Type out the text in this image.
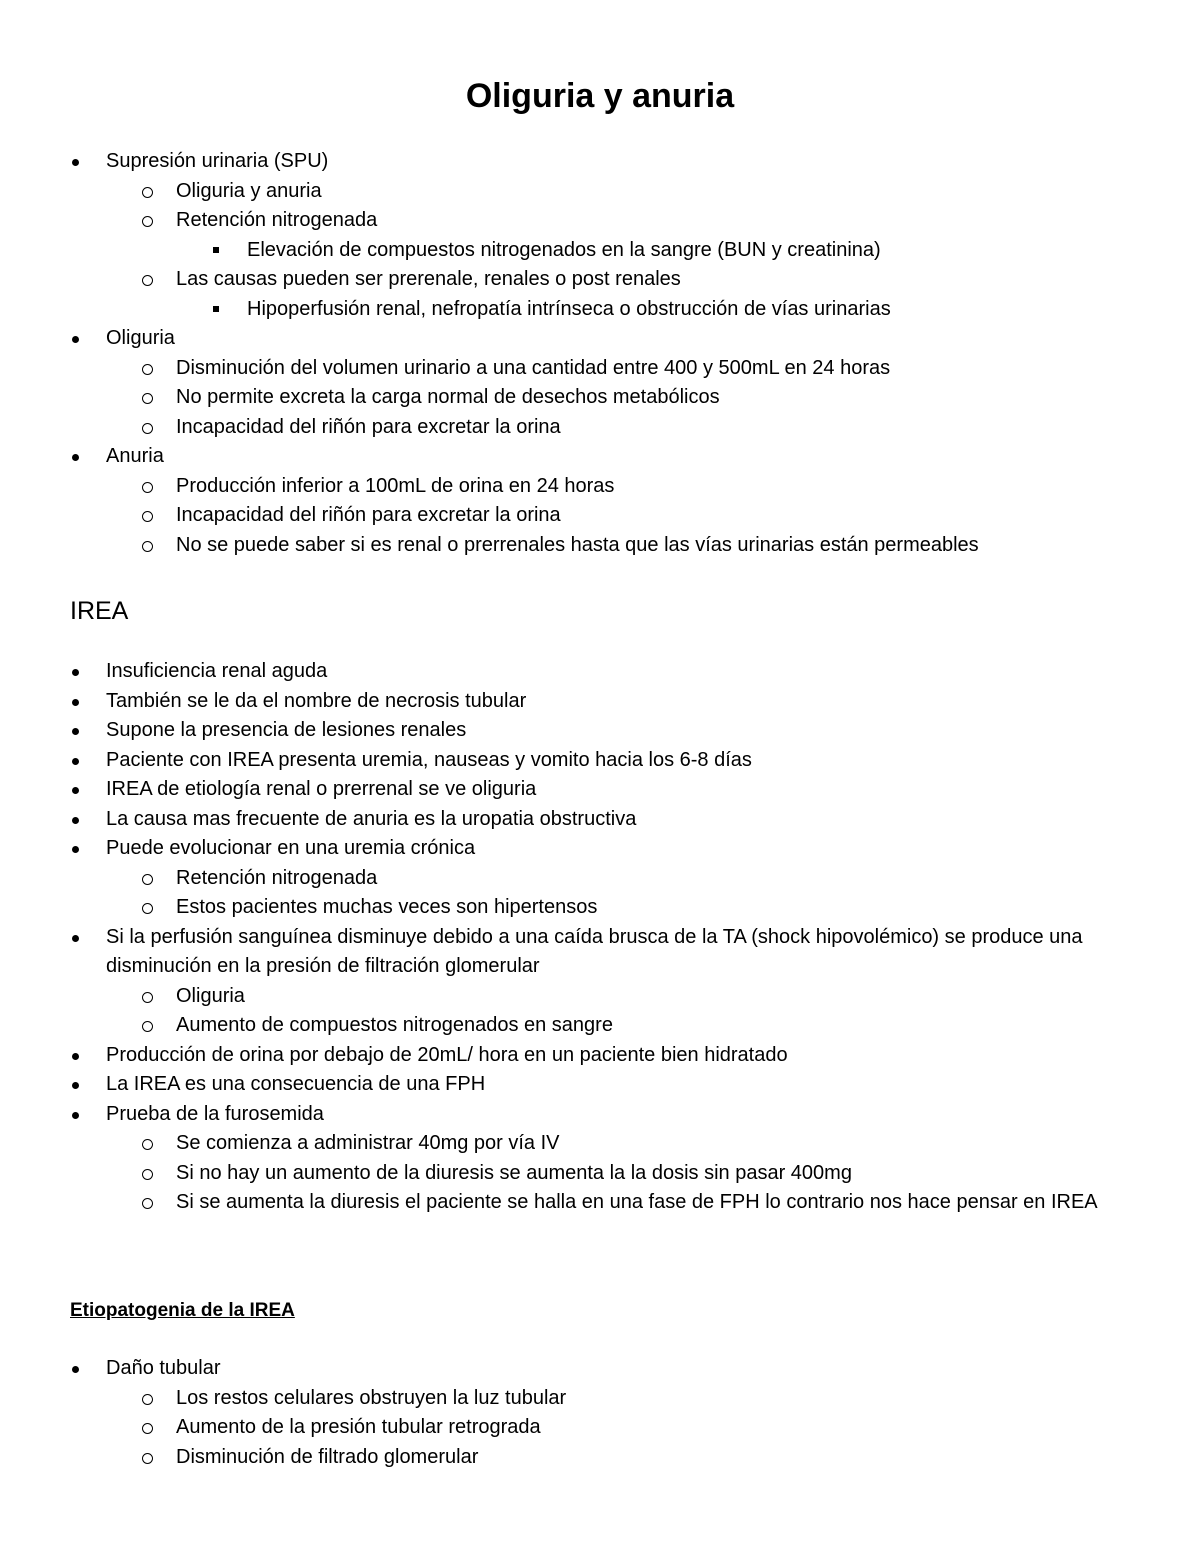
Oliguria y anuria
Supresión urinaria (SPU)
Oliguria y anuria
Retención nitrogenada
Elevación de compuestos nitrogenados en la sangre (BUN y creatinina)
Las causas pueden ser prerenale, renales o post renales
Hipoperfusión renal, nefropatía intrínseca o obstrucción de vías urinarias
Oliguria
Disminución del volumen urinario a una cantidad entre 400 y 500mL en 24 horas
No permite excreta la carga normal de desechos metabólicos
Incapacidad del riñón para excretar la orina
Anuria
Producción inferior a 100mL de orina en 24 horas
Incapacidad del riñón para excretar la orina
No se puede saber si es renal o prerrenales hasta que las vías urinarias están permeables
IREA
Insuficiencia renal aguda
También se le da el nombre de necrosis tubular
Supone la presencia de lesiones renales
Paciente con IREA presenta uremia, nauseas y vomito hacia los 6-8 días
IREA de etiología renal o prerrenal se ve oliguria
La causa mas frecuente de anuria es la uropatia obstructiva
Puede evolucionar en una uremia crónica
Retención nitrogenada
Estos pacientes muchas veces son hipertensos
Si la perfusión sanguínea disminuye debido a una caída brusca de la TA (shock hipovolémico) se produce una disminución en la presión de filtración glomerular
Oliguria
Aumento de compuestos nitrogenados en sangre
Producción de orina por debajo de 20mL/ hora en un paciente bien hidratado
La IREA es una consecuencia de una FPH
Prueba de la furosemida
Se comienza a administrar 40mg por vía IV
Si no hay un aumento de la diuresis se aumenta la la dosis sin pasar 400mg
Si se aumenta la diuresis el paciente se halla en una fase de FPH lo contrario nos hace pensar en IREA
Etiopatogenia de la IREA
Daño tubular
Los restos celulares obstruyen la luz tubular
Aumento de la presión tubular retrograda
Disminución de filtrado glomerular
